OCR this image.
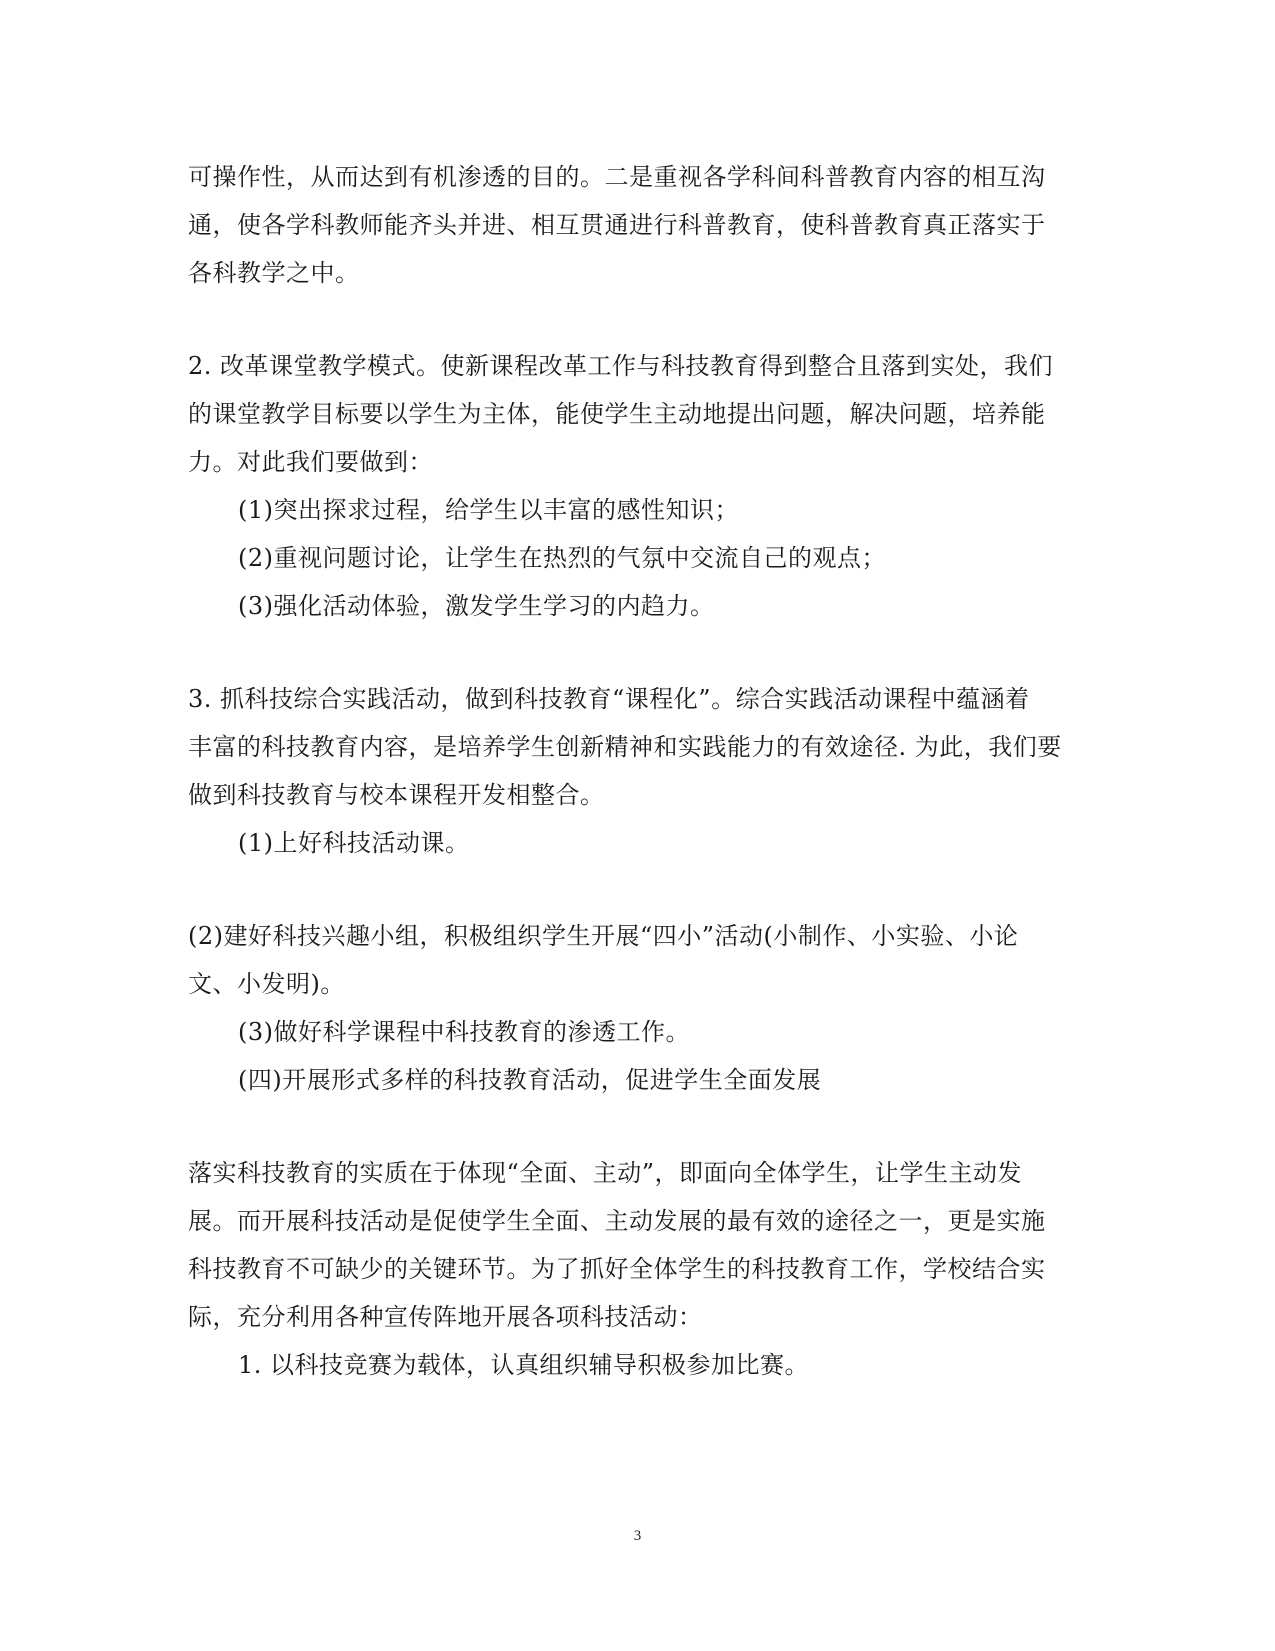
可操作性，从而达到有机渗透的目的。二是重视各学科间科普教育内容的相互沟
通，使各学科教师能齐头并进、相互贯通进行科普教育，使科普教育真正落实于
各科教学之中。
2. 改革课堂教学模式。使新课程改革工作与科技教育得到整合且落到实处，我们
的课堂教学目标要以学生为主体，能使学生主动地提出问题，解决问题，培养能
力。对此我们要做到：
(1)突出探求过程，给学生以丰富的感性知识；
(2)重视问题讨论，让学生在热烈的气氛中交流自己的观点；
(3)强化活动体验，激发学生学习的内趋力。
3. 抓科技综合实践活动，做到科技教育“课程化”。综合实践活动课程中蕴涵着
丰富的科技教育内容，是培养学生创新精神和实践能力的有效途径. 为此，我们要
做到科技教育与校本课程开发相整合。
(1)上好科技活动课。
(2)建好科技兴趣小组，积极组织学生开展“四小”活动(小制作、小实验、小论
文、小发明)。
(3)做好科学课程中科技教育的渗透工作。
(四)开展形式多样的科技教育活动，促进学生全面发展
落实科技教育的实质在于体现“全面、主动”，即面向全体学生，让学生主动发
展。而开展科技活动是促使学生全面、主动发展的最有效的途径之一，更是实施
科技教育不可缺少的关键环节。为了抓好全体学生的科技教育工作，学校结合实
际，充分利用各种宣传阵地开展各项科技活动：
1. 以科技竞赛为载体，认真组织辅导积极参加比赛。
3
